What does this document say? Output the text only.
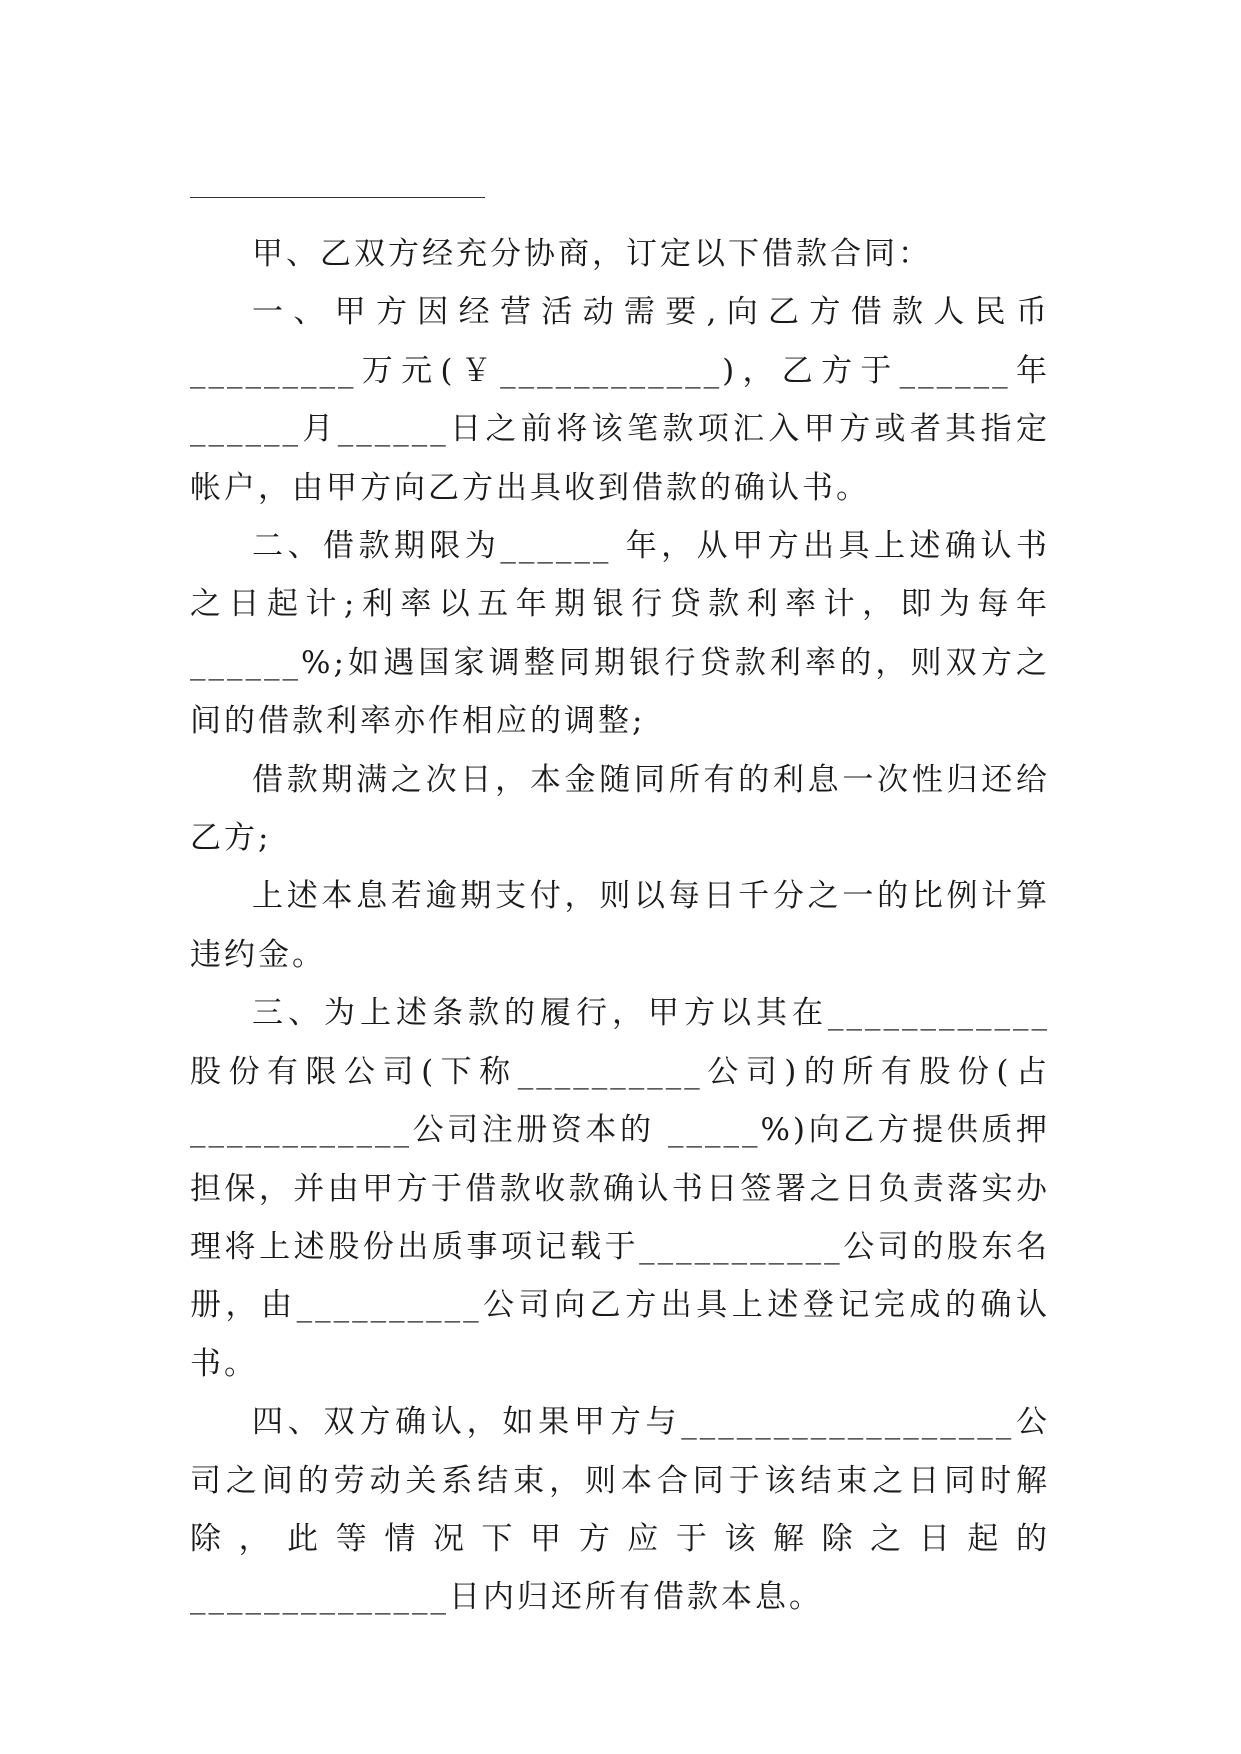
甲、乙双方经充分协商，订定以下借款合同：

一、甲方因经营活动需要,向乙方借款人民币_________万元(￥____________)，乙方于______年______月______日之前将该笔款项汇入甲方或者其指定帐户，由甲方向乙方出具收到借款的确认书。

二、借款期限为______ 年，从甲方出具上述确认书之日起计;利率以五年期银行贷款利率计，即为每年______%;如遇国家调整同期银行贷款利率的，则双方之间的借款利率亦作相应的调整;

借款期满之次日，本金随同所有的利息一次性归还给乙方;

上述本息若逾期支付，则以每日千分之一的比例计算违约金。

三、为上述条款的履行，甲方以其在____________股份有限公司(下称__________公司)的所有股份(占____________公司注册资本的 _____%)向乙方提供质押担保，并由甲方于借款收款确认书日签署之日负责落实办理将上述股份出质事项记载于___________公司的股东名册，由__________公司向乙方出具上述登记完成的确认书。

四、双方确认，如果甲方与__________________公司之间的劳动关系结束，则本合同于该结束之日同时解除，此等情况下甲方应于该解除之日起的______________日内归还所有借款本息。
